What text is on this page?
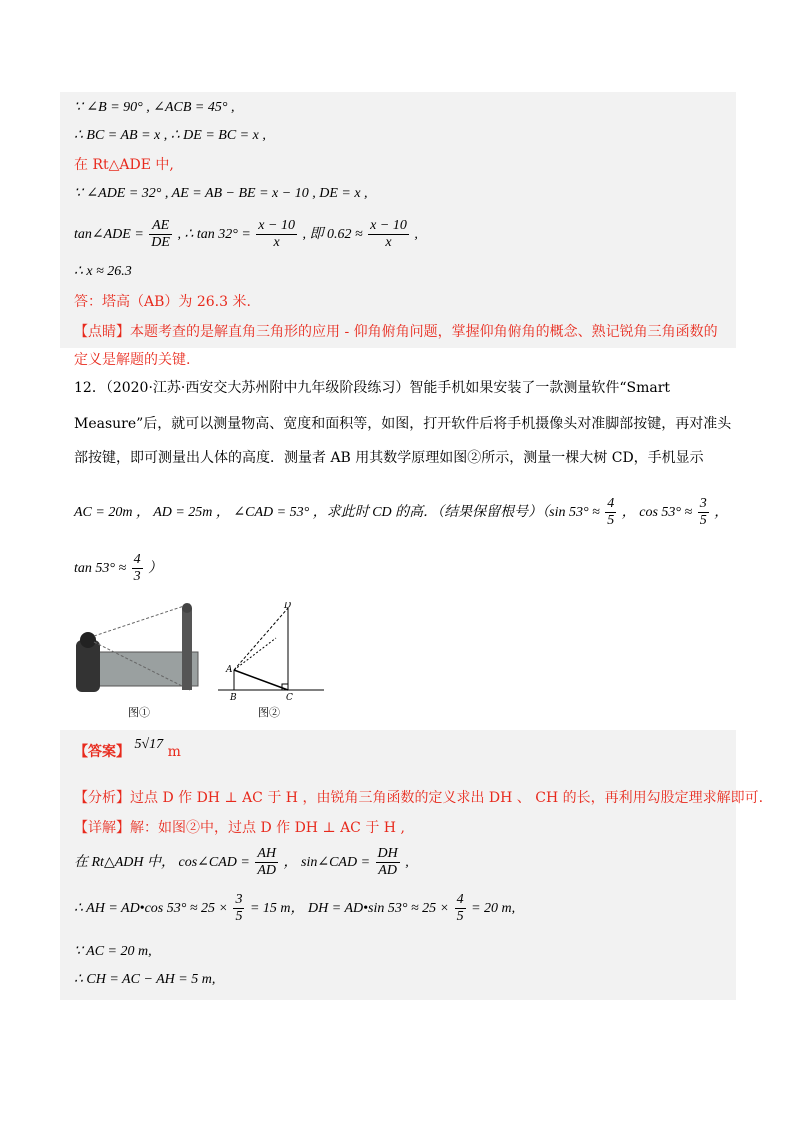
∵ ∠B = 90° , ∠ACB = 45° ,
∴ BC = AB = x , ∴ DE = BC = x ,
在 Rt△ADE 中,
∵ ∠ADE = 32° , AE = AB − BE = x − 10 , DE = x ,
tan∠ADE = $\frac{AE}{DE}$ , ∴ $\tan 32^\circ = \frac{x - 10}{x}$ , 即 $0.62 \approx \frac{x - 10}{x}$ ,
∴ x ≈ 26.3
答：塔高（AB）为 26.3 米.
【点睛】本题考查的是解直角三角形的应用 - 仰角俯角问题，掌握仰角俯角的概念、熟记锐角三角函数的
定义是解题的关键.
12．（2020·江苏·西安交大苏州附中九年级阶段练习）智能手机如果安装了一款测量软件“Smart
Measure”后，就可以测量物高、宽度和面积等，如图，打开软件后将手机摄像头对准脚部按键，再对准头
部按键，即可测量出人体的高度．测量者 AB 用其数学原理如图②所示，测量一棵大树 CD，手机显示
AC = 20m ， AD = 25m ， ∠CAD = 53° ，求此时 CD 的高．（结果保留根号）（sin $53^\circ \approx \frac{4}{5}$ ， $\cos 53^\circ \approx \frac{3}{5}$ ，
$\tan 53^\circ \approx \frac{4}{3}$ ）
图①
D
A
B	C
图②
【答案】 5√17 m
【分析】过点 D 作 DH ⊥ AC 于 H ，由锐角三角函数的定义求出 DH 、 CH 的长，再利用勾股定理求解即可.
【详解】解：如图②中，过点 D 作 DH ⊥ AC 于 H ,
在 Rt△ADH 中， cos∠CAD = $\frac{AH}{AD}$ ， sin∠CAD = $\frac{DH}{AD}$ ,
∴ AH = AD•cos $53^\circ \approx 25 \times \frac{3}{5} = 15$ m， DH = AD•sin $53^\circ \approx 25 \times \frac{4}{5} = 20$ m,
∵ AC = 20 m,
∴ CH = AC − AH = 5 m,
